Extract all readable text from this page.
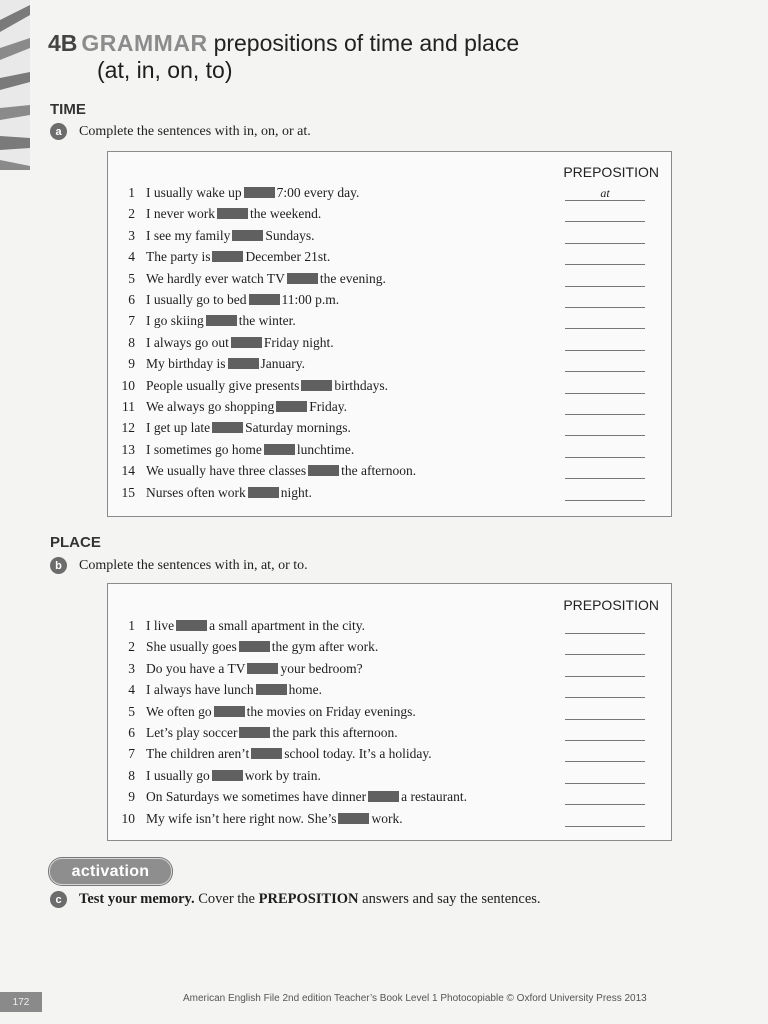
4B GRAMMAR prepositions of time and place
(at, in, on, to)
TIME
a	Complete the sentences with in, on, or at.
PREPOSITION
1 I usually wake up	7:00 every day.	at
2 I never work	the weekend.
3 I see my family	Sundays.
4 The party is	December 21st.
5 We hardly ever watch TV	the evening.
6 I usually go to bed	11:00 p.m.
7 I go skiing	the winter.
8 I always go out	Friday night.
9 My birthday is	January.
10 People usually give presents	birthdays.
11 We always go shopping	Friday.
12 I get up late	Saturday mornings.
13 I sometimes go home	lunchtime.
14 We usually have three classes	the afternoon.
15 Nurses often work	night.
PLACE
b	Complete the sentences with in, at, or to.
PREPOSITION
1 I live	a small apartment in the city.
2 She usually goes	the gym after work.
3 Do you have a TV	your bedroom?
4 I always have lunch	home.
5 We often go	the movies on Friday evenings.
6 Let’s play soccer	the park this afternoon.
7 The children aren’t	school today. It’s a holiday.
8 I usually go	work by train.
9 On Saturdays we sometimes have dinner	a restaurant.
10 My wife isn’t here right now. She’s	work.
activation
c	Test your memory. Cover the PREPOSITION answers and say the sentences.
172	American English File 2nd edition Teacher’s Book Level 1 Photocopiable © Oxford University Press 2013
